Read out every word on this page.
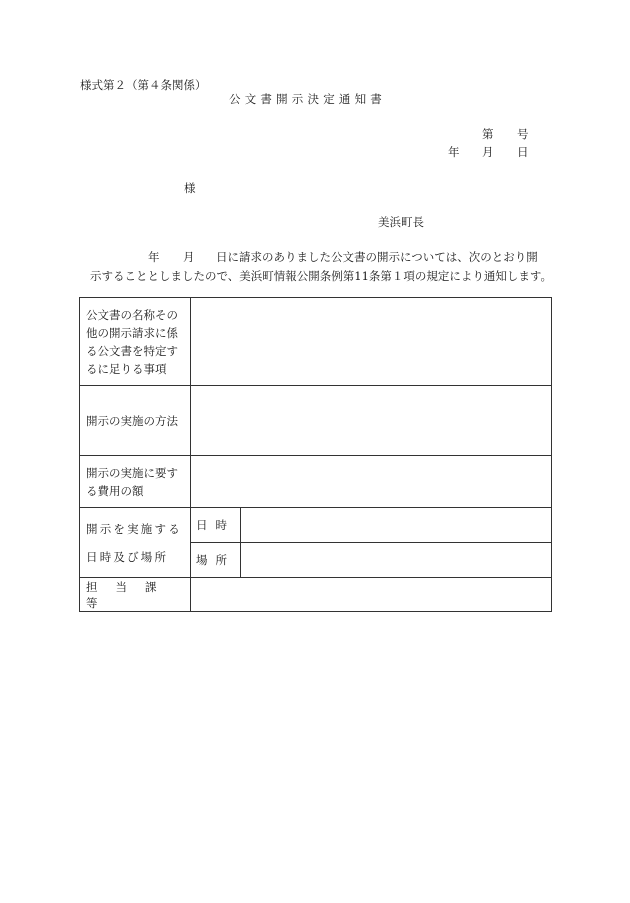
様式第２（第４条関係）
公文書開示決定通知書
第 号
年 月 日
様
美浜町長
年 月 日に請求のありました公文書の開示については、次のとおり開
示することとしましたので、美浜町情報公開条例第11条第１項の規定により通知します。
公文書の名称その他の開示請求に係る公文書を特定するに足りる事項		
開示の実施の方法		
開示の実施に要する費用の額		
開示を実施する日時及び場所	日時	
	場所	
担当課等		
